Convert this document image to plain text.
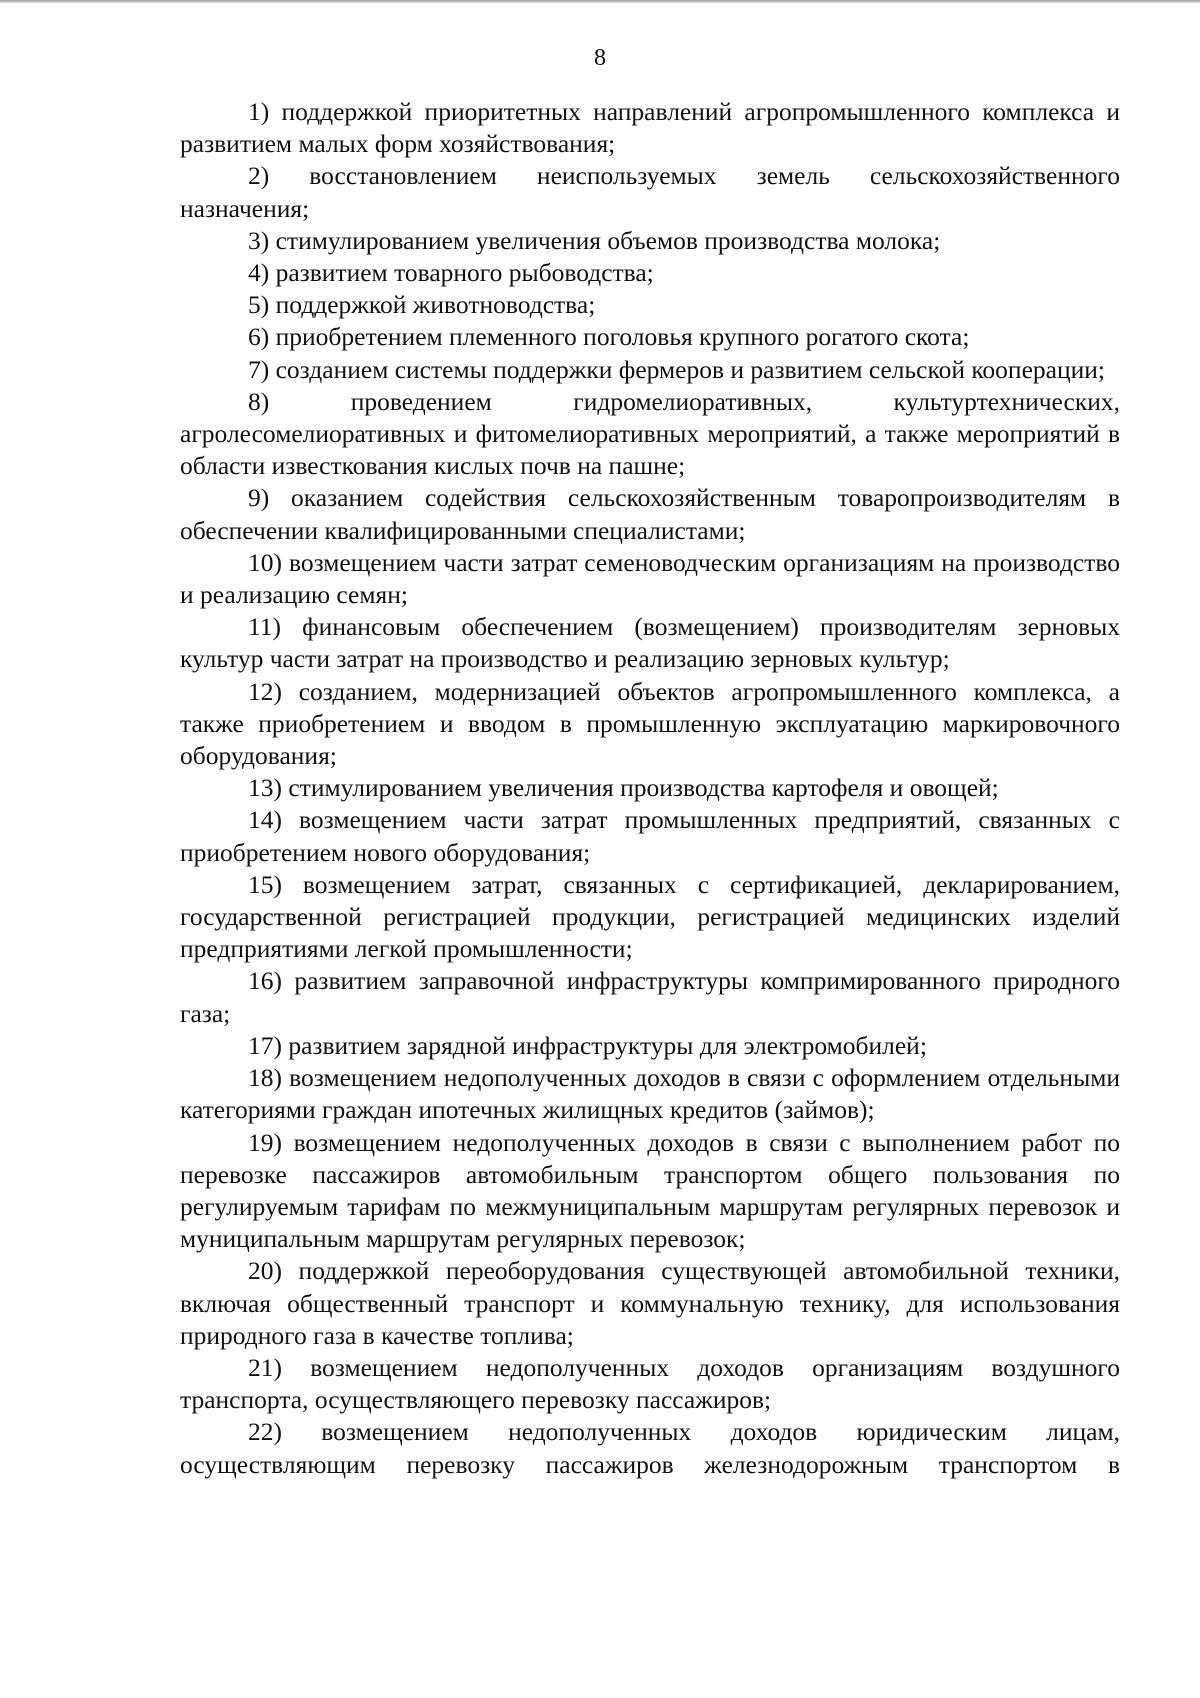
8

1) поддержкой приоритетных направлений агропромышленного комплекса и развитием малых форм хозяйствования;

2) восстановлением неиспользуемых земель сельскохозяйственного назначения;

3) стимулированием увеличения объемов производства молока;

4) развитием товарного рыбоводства;

5) поддержкой животноводства;

6) приобретением племенного поголовья крупного рогатого скота;

7) созданием системы поддержки фермеров и развитием сельской кооперации;

8) проведением гидромелиоративных, культуртехнических, агролесомелиоративных и фитомелиоративных мероприятий, а также мероприятий в области известкования кислых почв на пашне;

9) оказанием содействия сельскохозяйственным товаропроизводителям в обеспечении квалифицированными специалистами;

10) возмещением части затрат семеноводческим организациям на производство и реализацию семян;

11) финансовым обеспечением (возмещением) производителям зерновых культур части затрат на производство и реализацию зерновых культур;

12) созданием, модернизацией объектов агропромышленного комплекса, а также приобретением и вводом в промышленную эксплуатацию маркировочного оборудования;

13) стимулированием увеличения производства картофеля и овощей;

14) возмещением части затрат промышленных предприятий, связанных с приобретением нового оборудования;

15) возмещением затрат, связанных с сертификацией, декларированием, государственной регистрацией продукции, регистрацией медицинских изделий предприятиями легкой промышленности;

16) развитием заправочной инфраструктуры компримированного природного газа;

17) развитием зарядной инфраструктуры для электромобилей;

18) возмещением недополученных доходов в связи с оформлением отдельными категориями граждан ипотечных жилищных кредитов (займов);

19) возмещением недополученных доходов в связи с выполнением работ по перевозке пассажиров автомобильным транспортом общего пользования по регулируемым тарифам по межмуниципальным маршрутам регулярных перевозок и муниципальным маршрутам регулярных перевозок;

20) поддержкой переоборудования существующей автомобильной техники, включая общественный транспорт и коммунальную технику, для использования природного газа в качестве топлива;

21) возмещением недополученных доходов организациям воздушного транспорта, осуществляющего перевозку пассажиров;

22) возмещением недополученных доходов юридическим лицам, осуществляющим перевозку пассажиров железнодорожным транспортом в
